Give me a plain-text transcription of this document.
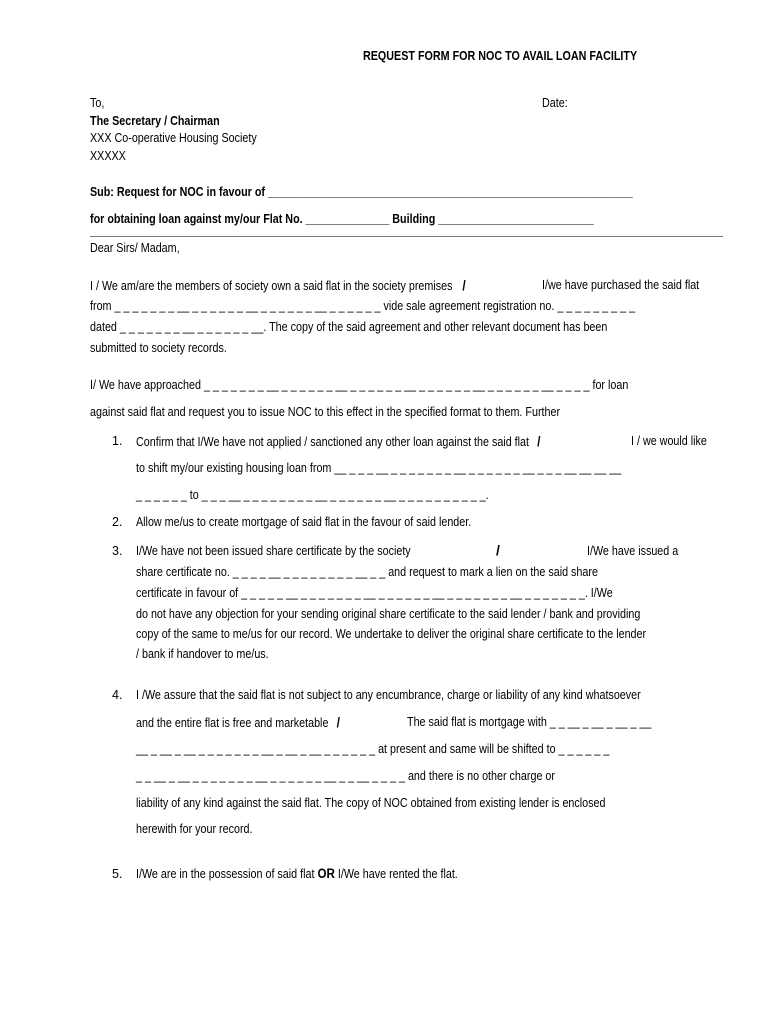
REQUEST FORM FOR NOC TO AVAIL LOAN FACILITY
To,	Date:
The Secretary / Chairman
XXX Co-operative Housing Society
XXXXX
Sub: Request for NOC in favour of _____________________________________________________________
for obtaining loan against my/our Flat No. ______________ Building __________________________
Dear Sirs/ Madam,
I / We am/are the members of society own a said flat in the society premises /	I/we have purchased the said flat
from _ _ _ _ _ _ _ __ _ _ _ _ _ _ __ _ _ _ _ _ _ __ _ _ _ _ _ _ vide sale agreement registration no. _ _ _ _ _ _ _ _ _
dated _ _ _ _ _ _ _ __ _ _ _ _ _ _ __. The copy of the said agreement and other relevant document has been
submitted to society records.
I/ We have approached _ _ _ _ _ _ _ __ _ _ _ _ _ _ __ _ _ _ _ _ _ __ _ _ _ _ _ _ __ _ _ _ _ _ _ __ _ _ _ _ for loan
against said flat and request you to issue NOC to this effect in the specified format to them. Further
1. Confirm that I/We have not applied / sanctioned any other loan against the said flat /	I / we would like
to shift my/our existing housing loan from __ _ _ _ __ _ _ _ _ _ _ _ __ _ _ _ _ _ _ __ _ _ _ __ __ __ __
_ _ _ _ _ _ to _ _ _ __ _ _ _ _ _ _ _ _ __ _ _ _ _ _ _ __ _ _ _ _ _ _ _ _ _ _.
2. Allow me/us to create mortgage of said flat in the favour of said lender.
3. I/We have not been issued share certificate by the society	/	I/We have issued a
share certificate no. _ _ _ _ __ _ _ _ _ _ _ _ _ __ _ _ and request to mark a lien on the said share
certificate in favour of _ _ _ _ _ __ _ _ _ _ _ _ _ __ _ _ _ _ _ _ __ _ _ _ _ _ _ _ __ _ _ _ _ _ _ _. I/We
do not have any objection for your sending original share certificate to the said lender / bank and providing
copy of the same to me/us for our record. We undertake to deliver the original share certificate to the lender
/ bank if handover to me/us.
4. I /We assure that the said flat is not subject to any encumbrance, charge or liability of any kind whatsoever
and the entire flat is free and marketable /	The said flat is mortgage with _ _ __ _ __ _ __ _ __
__ _ __ _ __ _ _ _ _ _ _ _ __ _ __ _ __ _ _ _ _ _ _ at present and same will be shifted to _ _ _ _ _ _
_ _ __ _ __ _ _ _ _ _ _ _ __ _ _ _ _ _ _ __ _ _ __ _ _ _ _ and there is no other charge or
liability of any kind against the said flat. The copy of NOC obtained from existing lender is enclosed
herewith for your record.
5. I/We are in the possession of said flat OR I/We have rented the flat.
